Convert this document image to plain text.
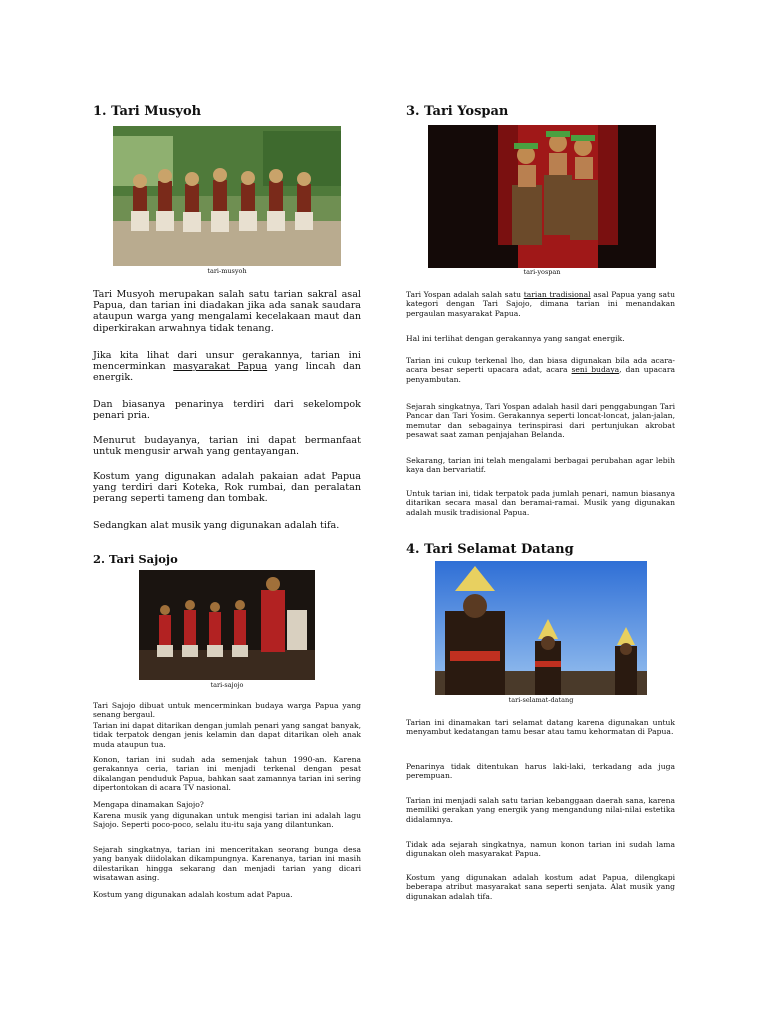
1. Tari Musyoh
tari-musyoh

Tari Musyoh merupakan salah satu tarian sakral asal Papua, dan tarian ini diadakan jika ada sanak saudara ataupun warga yang mengalami kecelakaan maut dan diperkirakan arwahnya tidak tenang.

Jika kita lihat dari unsur gerakannya, tarian ini mencerminkan masyarakat Papua yang lincah dan energik.

Dan biasanya penarinya terdiri dari sekelompok penari pria.

Menurut budayanya, tarian ini dapat bermanfaat untuk mengusir arwah yang gentayangan.

Kostum yang digunakan adalah pakaian adat Papua yang terdiri dari Koteka, Rok rumbai, dan peralatan perang seperti tameng dan tombak.

Sedangkan alat musik yang digunakan adalah tifa.

2. Tari Sajojo
tari-sajojo

Tari Sajojo dibuat untuk mencerminkan budaya warga Papua yang senang bergaul.

Tarian ini dapat ditarikan dengan jumlah penari yang sangat banyak, tidak terpatok dengan jenis kelamin dan dapat ditarikan oleh anak muda ataupun tua.

Konon, tarian ini sudah ada semenjak tahun 1990-an. Karena gerakannya ceria, tarian ini menjadi terkenal dengan pesat dikalangan penduduk Papua, bahkan saat zamannya tarian ini sering dipertontokan di acara TV nasional.

Mengapa dinamakan Sajojo?

Karena musik yang digunakan untuk mengisi tarian ini adalah lagu Sajojo. Seperti poco-poco, selalu itu-itu saja yang dilantunkan.

Sejarah singkatnya, tarian ini menceritakan seorang bunga desa yang banyak diidolakan dikampungnya. Karenanya, tarian ini masih dilestarikan hingga sekarang dan menjadi tarian yang dicari wisatawan asing.

Kostum yang digunakan adalah kostum adat Papua.

3. Tari Yospan
tari-yospan

Tari Yospan adalah salah satu tarian tradisional asal Papua yang satu kategori dengan Tari Sajojo, dimana tarian ini menandakan pergaulan masyarakat Papua.

Hal ini terlihat dengan gerakannya yang sangat energik.

Tarian ini cukup terkenal lho, dan biasa digunakan bila ada acara-acara besar seperti upacara adat, acara seni budaya, dan upacara penyambutan.

Sejarah singkatnya, Tari Yospan adalah hasil dari penggabungan Tari Pancar dan Tari Yosim. Gerakannya seperti loncat-loncat, jalan-jalan, memutar dan sebagainya terinspirasi dari pertunjukan akrobat pesawat saat zaman penjajahan Belanda.

Sekarang, tarian ini telah mengalami berbagai perubahan agar lebih kaya dan bervariatif.

Untuk tarian ini, tidak terpatok pada jumlah penari, namun biasanya ditarikan secara masal dan beramai-ramai. Musik yang digunakan adalah musik tradisional Papua.

4. Tari Selamat Datang
tari-selamat-datang

Tarian ini dinamakan tari selamat datang karena digunakan untuk menyambut kedatangan tamu besar atau tamu kehormatan di Papua.

Penarinya tidak ditentukan harus laki-laki, terkadang ada juga perempuan.

Tarian ini menjadi salah satu tarian kebanggaan daerah sana, karena memiliki gerakan yang energik yang mengandung nilai-nilai estetika didalamnya.

Tidak ada sejarah singkatnya, namun konon tarian ini sudah lama digunakan oleh masyarakat Papua.

Kostum yang digunakan adalah kostum adat Papua, dilengkapi beberapa atribut masyarakat sana seperti senjata. Alat musik yang digunakan adalah tifa.
